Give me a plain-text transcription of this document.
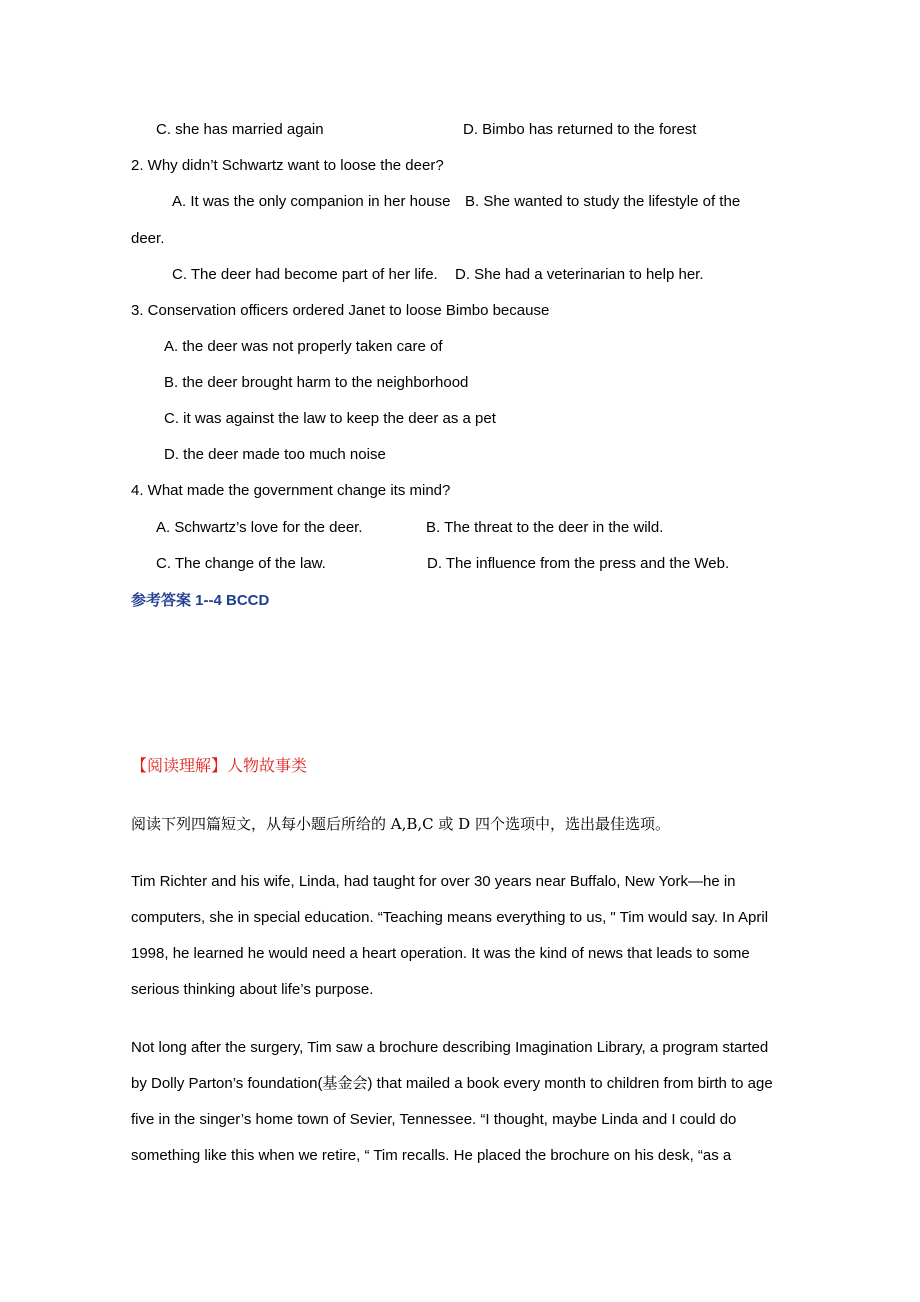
C. she has married again	D. Bimbo has returned to the forest
2. Why didn’t Schwartz want to loose the deer?
A. It was the only companion in her house B. She wanted to study the lifestyle of the
deer.
C. The deer had become part of her life. D. She had a veterinarian to help her.
3. Conservation officers ordered Janet to loose Bimbo because
A. the deer was not properly taken care of
B. the deer brought harm to the neighborhood
C. it was against the law to keep the deer as a pet
D. the deer made too much noise
4. What made the government change its mind?
A. Schwartz’s love for the deer.	B. The threat to the deer in the wild.
C. The change of the law.	D. The influence from the press and the Web.
参考答案 1--4 BCCD
【阅读理解】人物故事类
阅读下列四篇短文，从每小题后所给的 A,B,C 或 D 四个选项中，选出最佳选项。
Tim Richter and his wife, Linda, had taught for over 30 years near Buffalo, New York—he in
computers, she in special education. “Teaching means everything to us, " Tim would say. In April
1998, he learned he would need a heart operation. It was the kind of news that leads to some
serious thinking about life’s purpose.
Not long after the surgery, Tim saw a brochure describing Imagination Library, a program started
by Dolly Parton’s foundation(基金会) that mailed a book every month to children from birth to age
five in the singer’s home town of Sevier, Tennessee. “I thought, maybe Linda and I could do
something like this when we retire, “ Tim recalls. He placed the brochure on his desk, “as a
